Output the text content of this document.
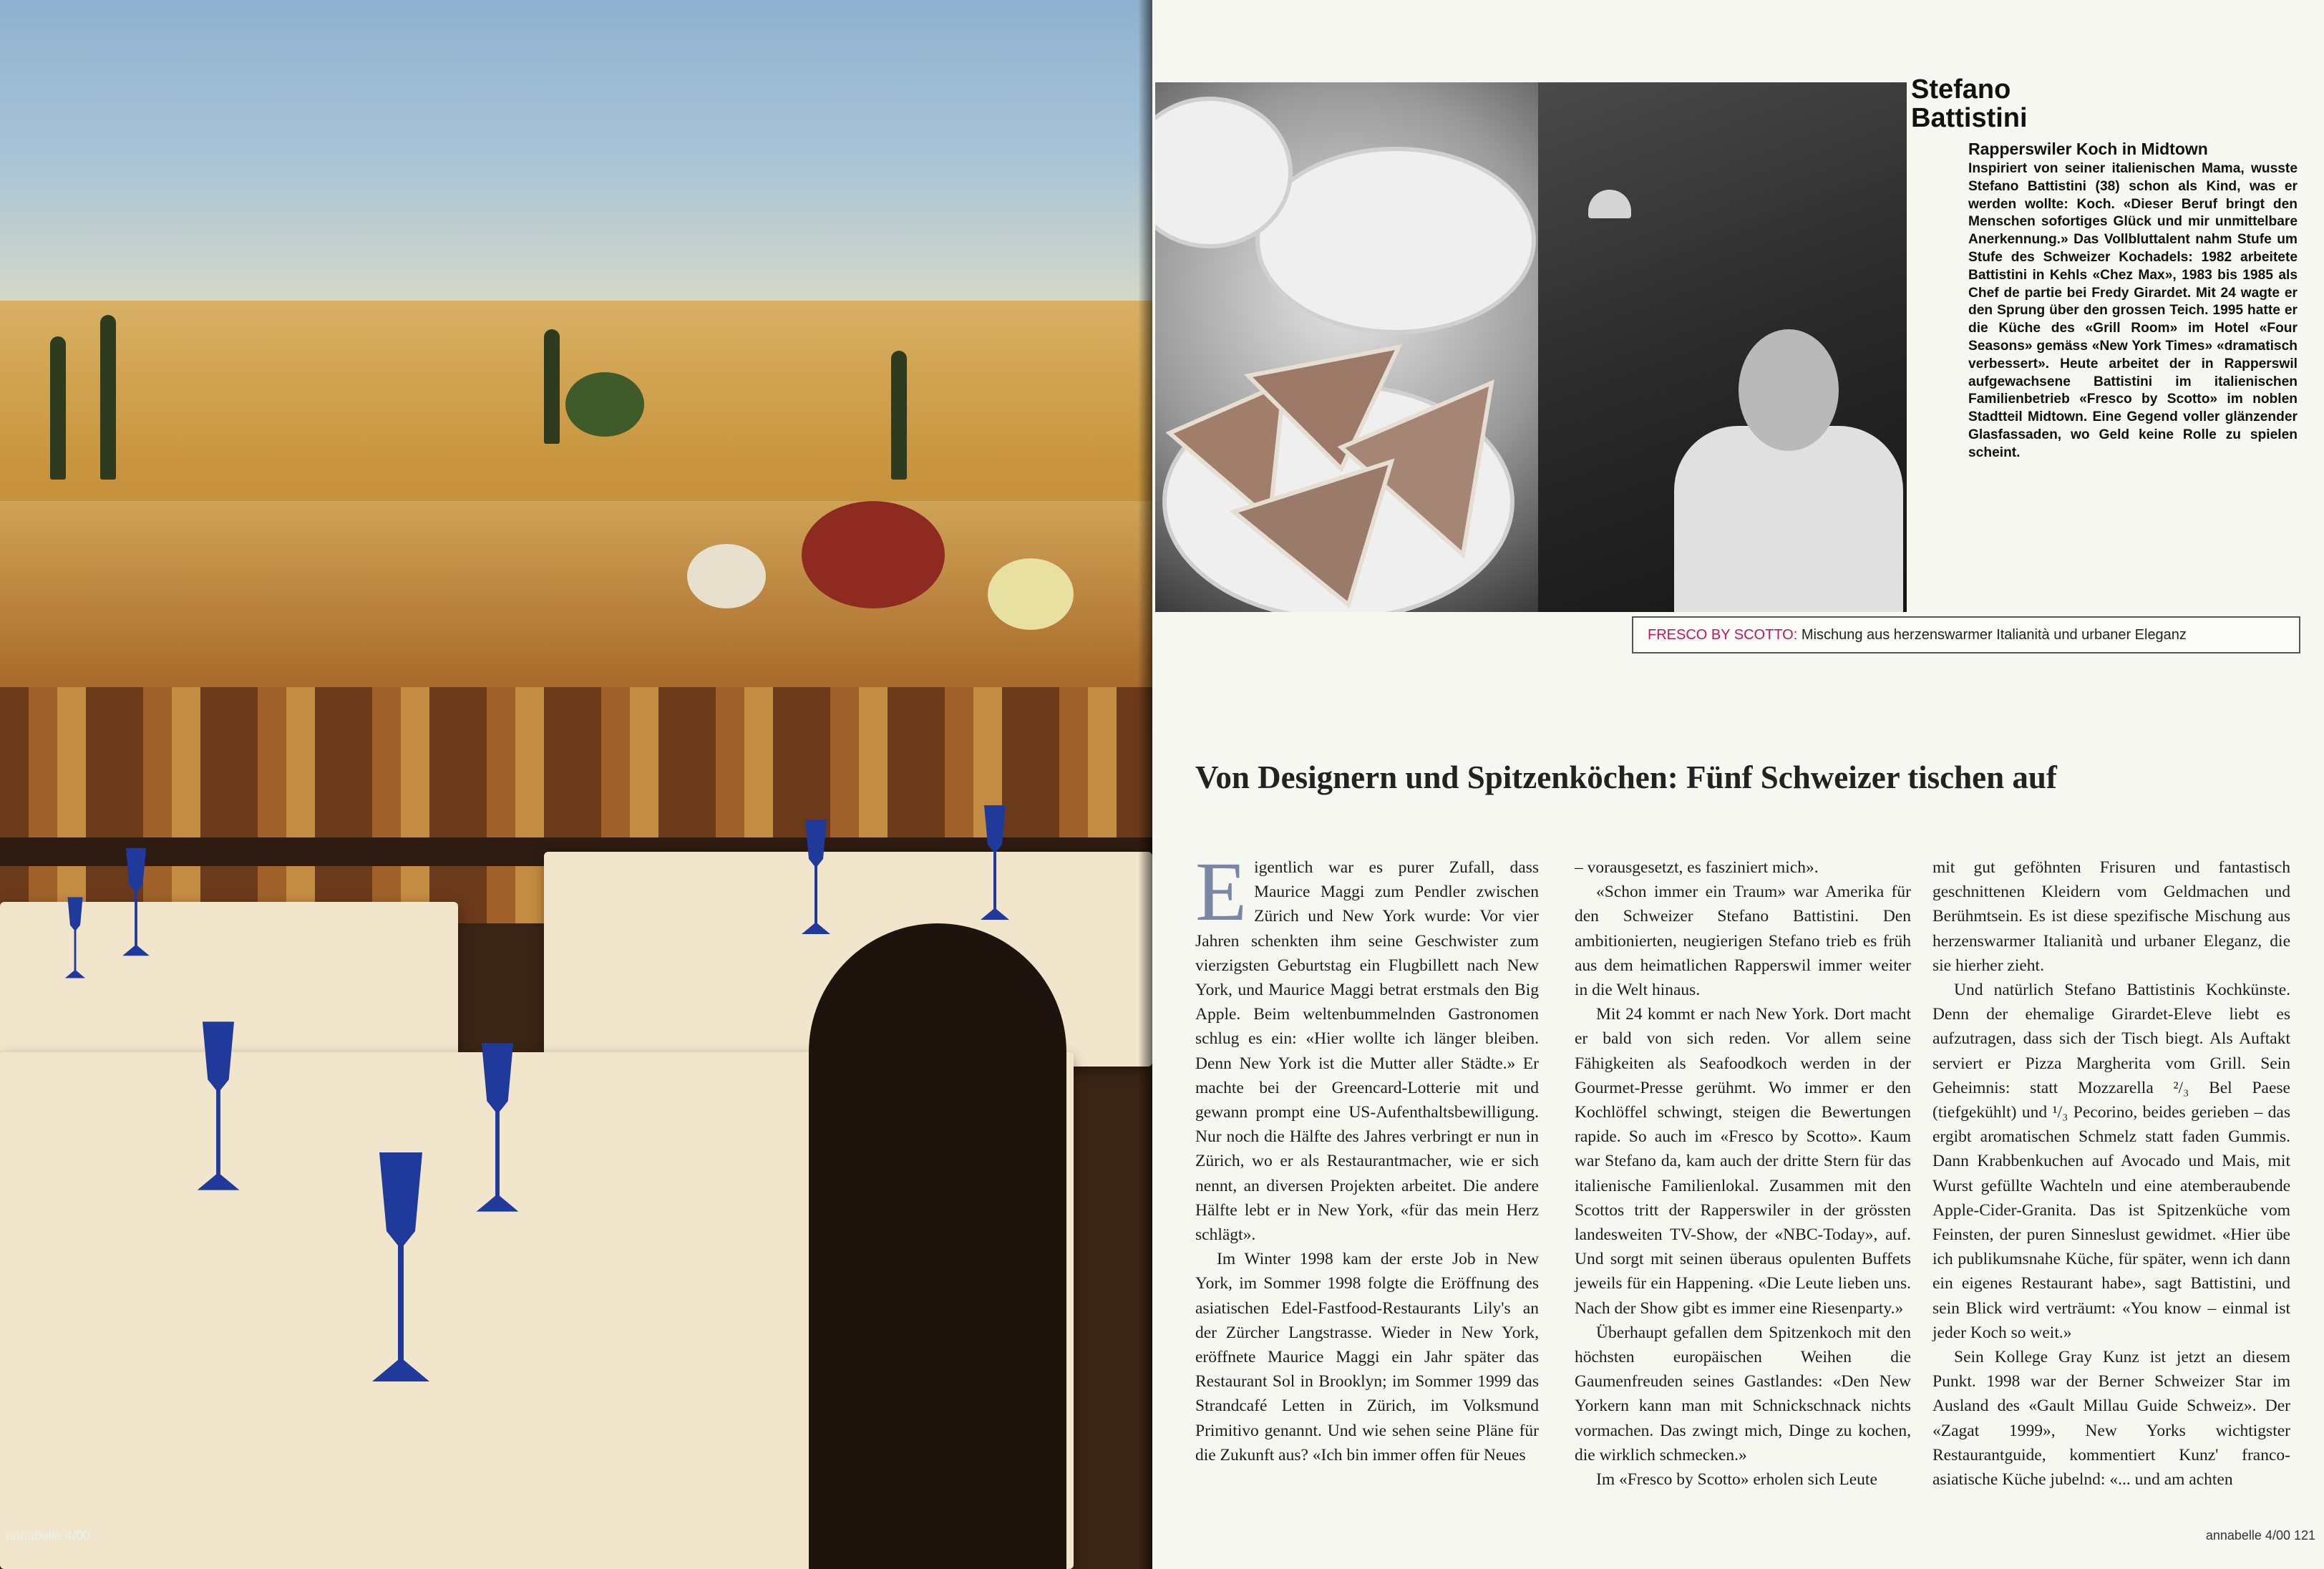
annabelle 4/00

Stefano

Battistini

Rapperswiler Koch in Midtown

Inspiriert von seiner italienischen Mama, wusste Stefano Battistini (38) schon als Kind, was er werden wollte: Koch. «Dieser Beruf bringt den Menschen sofortiges Glück und mir unmittelbare Anerkennung.» Das Vollbluttalent nahm Stufe um Stufe des Schweizer Kochadels: 1982 arbeitete Battistini in Kehls «Chez Max», 1983 bis 1985 als Chef de partie bei Fredy Girardet. Mit 24 wagte er den Sprung über den grossen Teich. 1995 hatte er die Küche des «Grill Room» im Hotel «Four Seasons» gemäss «New York Times» «dramatisch verbessert». Heute arbeitet der in Rapperswil aufgewachsene Battistini im italienischen Familienbetrieb «Fresco by Scotto» im noblen Stadtteil Midtown. Eine Gegend voller glänzender Glasfassaden, wo Geld keine Rolle zu spielen scheint.

FRESCO BY SCOTTO: Mischung aus herzenswarmer Italianità und urbaner Eleganz
Von Designern und Spitzenköchen: Fünf Schweizer tischen auf

Eigentlich war es purer Zufall, dass Maurice Maggi zum Pendler zwischen Zürich und New York wurde: Vor vier Jahren schenkten ihm seine Geschwister zum vierzigsten Geburtstag ein Flugbillett nach New York, und Maurice Maggi betrat erstmals den Big Apple. Beim weltenbummelnden Gastronomen schlug es ein: «Hier wollte ich länger bleiben. Denn New York ist die Mutter aller Städte.» Er machte bei der Greencard-Lotterie mit und gewann prompt eine US-Aufenthaltsbewilligung. Nur noch die Hälfte des Jahres verbringt er nun in Zürich, wo er als Restaurantmacher, wie er sich nennt, an diversen Projekten arbeitet. Die andere Hälfte lebt er in New York, «für das mein Herz schlägt».

Im Winter 1998 kam der erste Job in New York, im Sommer 1998 folgte die Eröffnung des asiatischen Edel-Fastfood-Restaurants Lily's an der Zürcher Langstrasse. Wieder in New York, eröffnete Maurice Maggi ein Jahr später das Restaurant Sol in Brooklyn; im Sommer 1999 das Strandcafé Letten in Zürich, im Volksmund Primitivo genannt. Und wie sehen seine Pläne für die Zukunft aus? «Ich bin immer offen für Neues

– vorausgesetzt, es fasziniert mich».

«Schon immer ein Traum» war Amerika für den Schweizer Stefano Battistini. Den ambitionierten, neugierigen Stefano trieb es früh aus dem heimatlichen Rapperswil immer weiter in die Welt hinaus.

Mit 24 kommt er nach New York. Dort macht er bald von sich reden. Vor allem seine Fähigkeiten als Seafoodkoch werden in der Gourmet-Presse gerühmt. Wo immer er den Kochlöffel schwingt, steigen die Bewertungen rapide. So auch im «Fresco by Scotto». Kaum war Stefano da, kam auch der dritte Stern für das italienische Familienlokal. Zusammen mit den Scottos tritt der Rapperswiler in der grössten landesweiten TV-Show, der «NBC-Today», auf. Und sorgt mit seinen überaus opulenten Buffets jeweils für ein Happening. «Die Leute lieben uns. Nach der Show gibt es immer eine Riesenparty.»

Überhaupt gefallen dem Spitzenkoch mit den höchsten europäischen Weihen die Gaumenfreuden seines Gastlandes: «Den New Yorkern kann man mit Schnickschnack nichts vormachen. Das zwingt mich, Dinge zu kochen, die wirklich schmecken.»

Im «Fresco by Scotto» erholen sich Leute

mit gut geföhnten Frisuren und fantastisch geschnittenen Kleidern vom Geldmachen und Berühmtsein. Es ist diese spezifische Mischung aus herzenswarmer Italianità und urbaner Eleganz, die sie hierher zieht.

Und natürlich Stefano Battistinis Kochkünste. Denn der ehemalige Girardet-Eleve liebt es aufzutragen, dass sich der Tisch biegt. Als Auftakt serviert er Pizza Margherita vom Grill. Sein Geheimnis: statt Mozzarella ²/₃ Bel Paese (tiefgekühlt) und ¹/₃ Pecorino, beides gerieben – das ergibt aromatischen Schmelz statt faden Gummis. Dann Krabbenkuchen auf Avocado und Mais, mit Wurst gefüllte Wachteln und eine atemberaubende Apple-Cider-Granita. Das ist Spitzenküche vom Feinsten, der puren Sinneslust gewidmet. «Hier übe ich publikumsnahe Küche, für später, wenn ich dann ein eigenes Restaurant habe», sagt Battistini, und sein Blick wird verträumt: «You know – einmal ist jeder Koch so weit.»

Sein Kollege Gray Kunz ist jetzt an diesem Punkt. 1998 war der Berner Schweizer Star im Ausland des «Gault Millau Guide Schweiz». Der «Zagat 1999», New Yorks wichtigster Restaurantguide, kommentiert Kunz' franco-asiatische Küche jubelnd: «... und am achten

annabelle 4/00 121
